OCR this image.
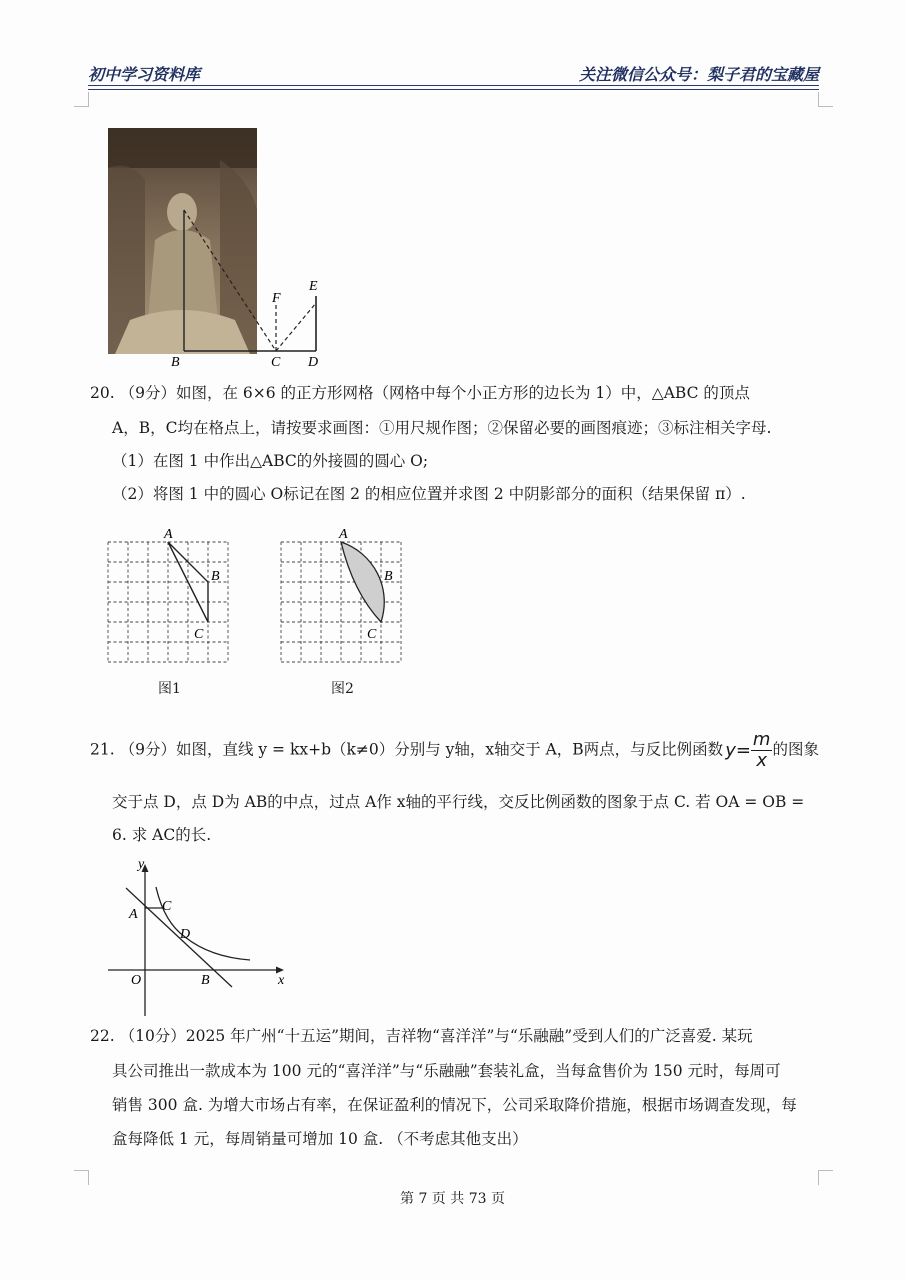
初中学习资料库	关注微信公众号：梨子君的宝藏屋
F
E
B	C D
20. （9分）如图，在 6×6 的正方形网格（网格中每个小正方形的边长为 1）中，△ABC 的顶点
A，B，C均在格点上，请按要求画图：①用尺规作图；②保留必要的画图痕迹；③标注相关字母.
（1）在图 1 中作出△ABC的外接圆的圆心 O;
（2）将图 1 中的圆心 O标记在图 2 的相应位置并求图 2 中阴影部分的面积（结果保留 π）.
A
B
C
图1
A
B
C
图2
21. （9分）如图，直线 y = kx+b（k≠0）分别与 y轴，x轴交于 A，B两点，与反比例函数 $y= \frac{m}{x}$ 的图象
交于点 D，点 D为 AB的中点，过点 A作 x轴的平行线，交反比例函数的图象于点 C. 若 OA = OB =
6. 求 AC的长.
y
x
A
C
D
O	B
22. （10分）2025 年广州“十五运”期间，吉祥物“喜洋洋”与“乐融融”受到人们的广泛喜爱. 某玩
具公司推出一款成本为 100 元的“喜洋洋”与“乐融融”套装礼盒，当每盒售价为 150 元时，每周可
销售 300 盒. 为增大市场占有率，在保证盈利的情况下，公司采取降价措施，根据市场调查发现，每
盒每降低 1 元，每周销量可增加 10 盒. （不考虑其他支出）
第 7 页 共 73 页
